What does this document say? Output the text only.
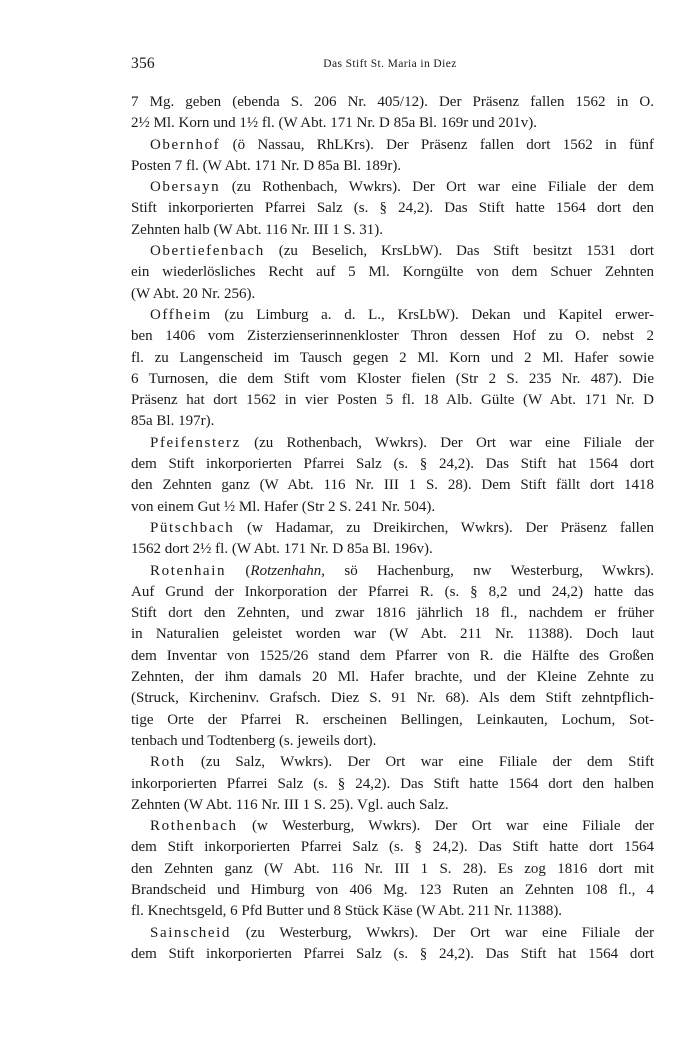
356	Das Stift St. Maria in Diez

7 Mg. geben (ebenda S. 206 Nr. 405/12). Der Präsenz fallen 1562 in O.
2½ Ml. Korn und 1½ fl. (W Abt. 171 Nr. D 85a Bl. 169r und 201v).

Obernhof (ö Nassau, RhLKrs). Der Präsenz fallen dort 1562 in fünf
Posten 7 fl. (W Abt. 171 Nr. D 85a Bl. 189r).

Obersayn (zu Rothenbach, Wwkrs). Der Ort war eine Filiale der dem
Stift inkorporierten Pfarrei Salz (s. § 24,2). Das Stift hatte 1564 dort den
Zehnten halb (W Abt. 116 Nr. III 1 S. 31).

Obertiefenbach (zu Beselich, KrsLbW). Das Stift besitzt 1531 dort
ein wiederlösliches Recht auf 5 Ml. Korngülte von dem Schuer Zehnten
(W Abt. 20 Nr. 256).

Offheim (zu Limburg a. d. L., KrsLbW). Dekan und Kapitel erwer-
ben 1406 vom Zisterzienserinnenkloster Thron dessen Hof zu O. nebst 2
fl. zu Langenscheid im Tausch gegen 2 Ml. Korn und 2 Ml. Hafer sowie
6 Turnosen, die dem Stift vom Kloster fielen (Str 2 S. 235 Nr. 487). Die
Präsenz hat dort 1562 in vier Posten 5 fl. 18 Alb. Gülte (W Abt. 171 Nr. D
85a Bl. 197r).

Pfeifensterz (zu Rothenbach, Wwkrs). Der Ort war eine Filiale der
dem Stift inkorporierten Pfarrei Salz (s. § 24,2). Das Stift hat 1564 dort
den Zehnten ganz (W Abt. 116 Nr. III 1 S. 28). Dem Stift fällt dort 1418
von einem Gut ½ Ml. Hafer (Str 2 S. 241 Nr. 504).

Pütschbach (w Hadamar, zu Dreikirchen, Wwkrs). Der Präsenz fallen
1562 dort 2½ fl. (W Abt. 171 Nr. D 85a Bl. 196v).

Rotenhain (Rotzenhahn, sö Hachenburg, nw Westerburg, Wwkrs).
Auf Grund der Inkorporation der Pfarrei R. (s. § 8,2 und 24,2) hatte das
Stift dort den Zehnten, und zwar 1816 jährlich 18 fl., nachdem er früher
in Naturalien geleistet worden war (W Abt. 211 Nr. 11388). Doch laut
dem Inventar von 1525/26 stand dem Pfarrer von R. die Hälfte des Großen
Zehnten, der ihm damals 20 Ml. Hafer brachte, und der Kleine Zehnte zu
(Struck, Kircheninv. Grafsch. Diez S. 91 Nr. 68). Als dem Stift zehntpflich-
tige Orte der Pfarrei R. erscheinen Bellingen, Leinkauten, Lochum, Sot-
tenbach und Todtenberg (s. jeweils dort).

Roth (zu Salz, Wwkrs). Der Ort war eine Filiale der dem Stift
inkorporierten Pfarrei Salz (s. § 24,2). Das Stift hatte 1564 dort den halben
Zehnten (W Abt. 116 Nr. III 1 S. 25). Vgl. auch Salz.

Rothenbach (w Westerburg, Wwkrs). Der Ort war eine Filiale der
dem Stift inkorporierten Pfarrei Salz (s. § 24,2). Das Stift hatte dort 1564
den Zehnten ganz (W Abt. 116 Nr. III 1 S. 28). Es zog 1816 dort mit
Brandscheid und Himburg von 406 Mg. 123 Ruten an Zehnten 108 fl., 4
fl. Knechtsgeld, 6 Pfd Butter und 8 Stück Käse (W Abt. 211 Nr. 11388).

Sainscheid (zu Westerburg, Wwkrs). Der Ort war eine Filiale der
dem Stift inkorporierten Pfarrei Salz (s. § 24,2). Das Stift hat 1564 dort
